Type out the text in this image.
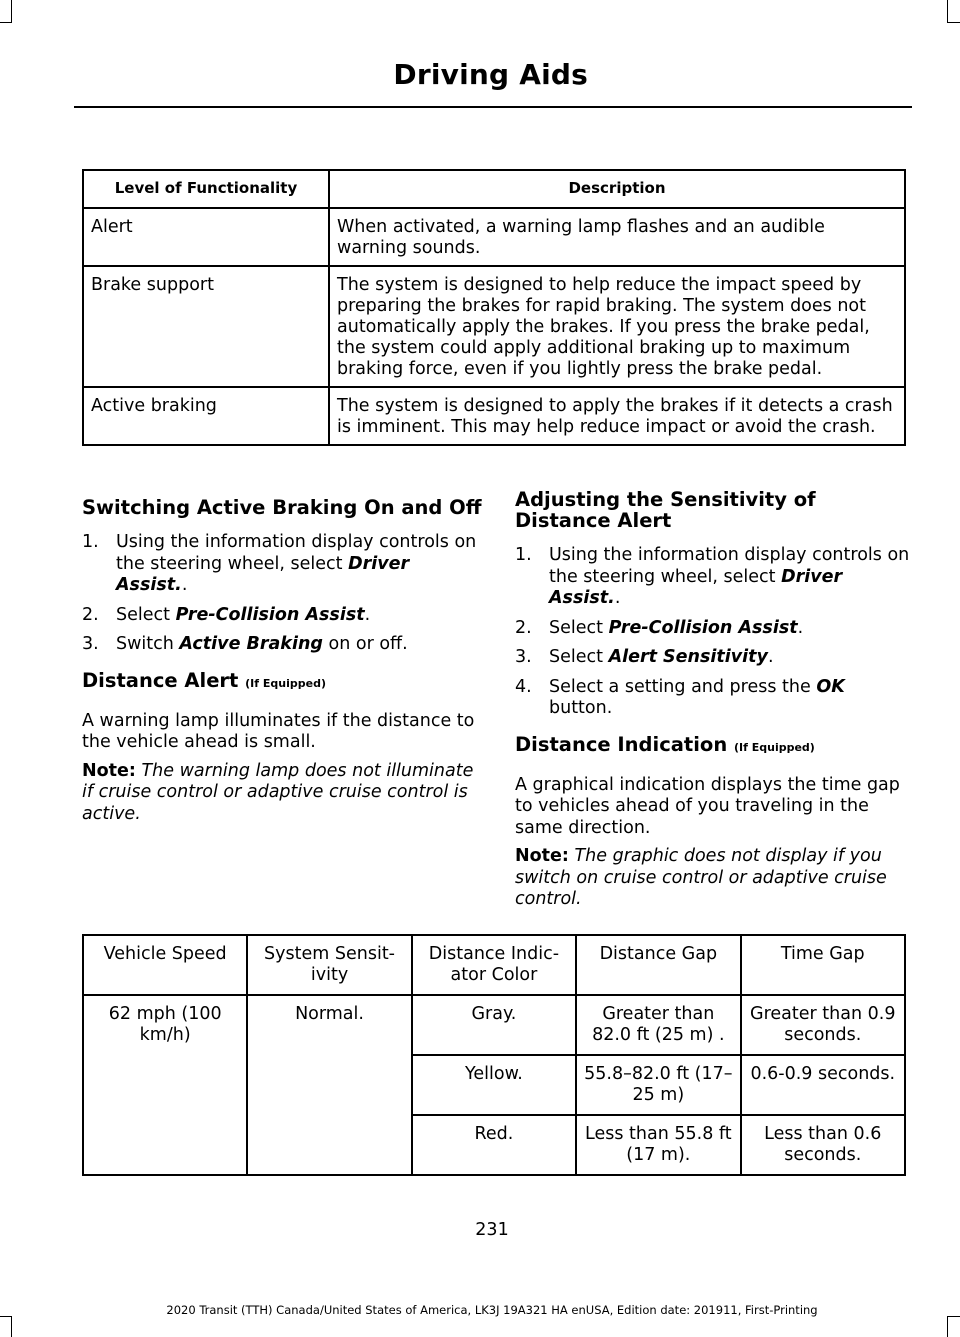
Driving Aids
Level of Functionality	Description
Alert	When activated, a warning lamp flashes and an audible warning sounds.
Brake support	The system is designed to help reduce the impact speed by preparing the brakes for rapid braking. The system does not automatically apply the brakes. If you press the brake pedal, the system could apply additional braking up to maximum braking force, even if you lightly press the brake pedal.
Active braking	The system is designed to apply the brakes if it detects a crash is imminent. This may help reduce impact or avoid the crash.
Switching Active Braking On and Off
1. Using the information display controls on the steering wheel, select Driver Assist..
2. Select Pre-Collision Assist.
3. Switch Active Braking on or off.
Distance Alert (If Equipped)

A warning lamp illuminates if the distance to the vehicle ahead is small.

Note: The warning lamp does not illuminate if cruise control or adaptive cruise control is active.

Adjusting the Sensitivity of Distance Alert
1. Using the information display controls on the steering wheel, select Driver Assist..
2. Select Pre-Collision Assist.
3. Select Alert Sensitivity.
4. Select a setting and press the OK button.
Distance Indication (If Equipped)

A graphical indication displays the time gap to vehicles ahead of you traveling in the same direction.

Note: The graphic does not display if you switch on cruise control or adaptive cruise control.

Vehicle Speed	System Sensit-ivity	Distance Indic-ator Color	Distance Gap	Time Gap
62 mph (100 km/h)	Normal.	Gray.	Greater than 82.0 ft (25 m) .	Greater than 0.9 seconds.
		Yellow.	55.8–82.0 ft (17–25 m)	0.6-0.9 seconds.
		Red.	Less than 55.8 ft (17 m).	Less than 0.6 seconds.
231
2020 Transit (TTH) Canada/United States of America, LK3J 19A321 HA enUSA, Edition date: 201911, First-Printing
